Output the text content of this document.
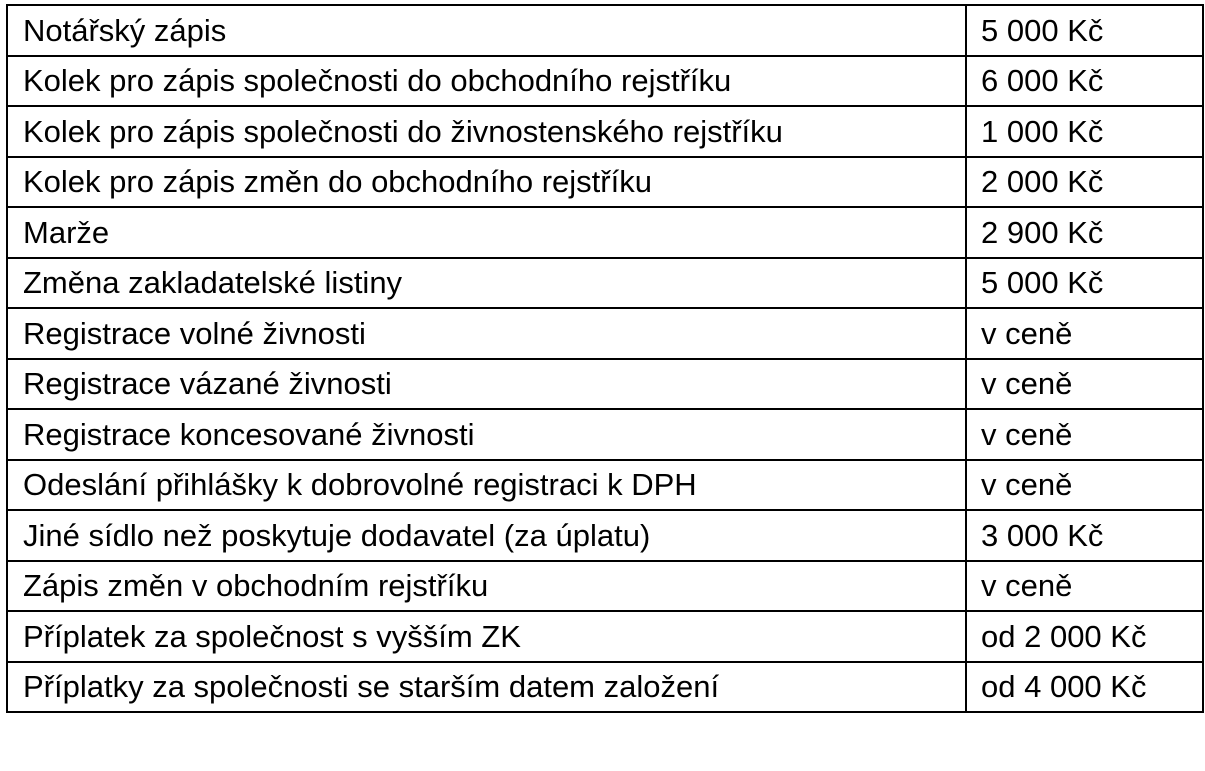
Notářský zápis	5 000 Kč
Kolek pro zápis společnosti do obchodního rejstříku	6 000 Kč
Kolek pro zápis společnosti do živnostenského rejstříku	1 000 Kč
Kolek pro zápis změn do obchodního rejstříku	2 000 Kč
Marže	2 900 Kč
Změna zakladatelské listiny	5 000 Kč
Registrace volné živnosti	v ceně
Registrace vázané živnosti	v ceně
Registrace koncesované živnosti	v ceně
Odeslání přihlášky k dobrovolné registraci k DPH	v ceně
Jiné sídlo než poskytuje dodavatel (za úplatu)	3 000 Kč
Zápis změn v obchodním rejstříku	v ceně
Příplatek za společnost s vyšším ZK	od 2 000 Kč
Příplatky za společnosti se starším datem založení	od 4 000 Kč
